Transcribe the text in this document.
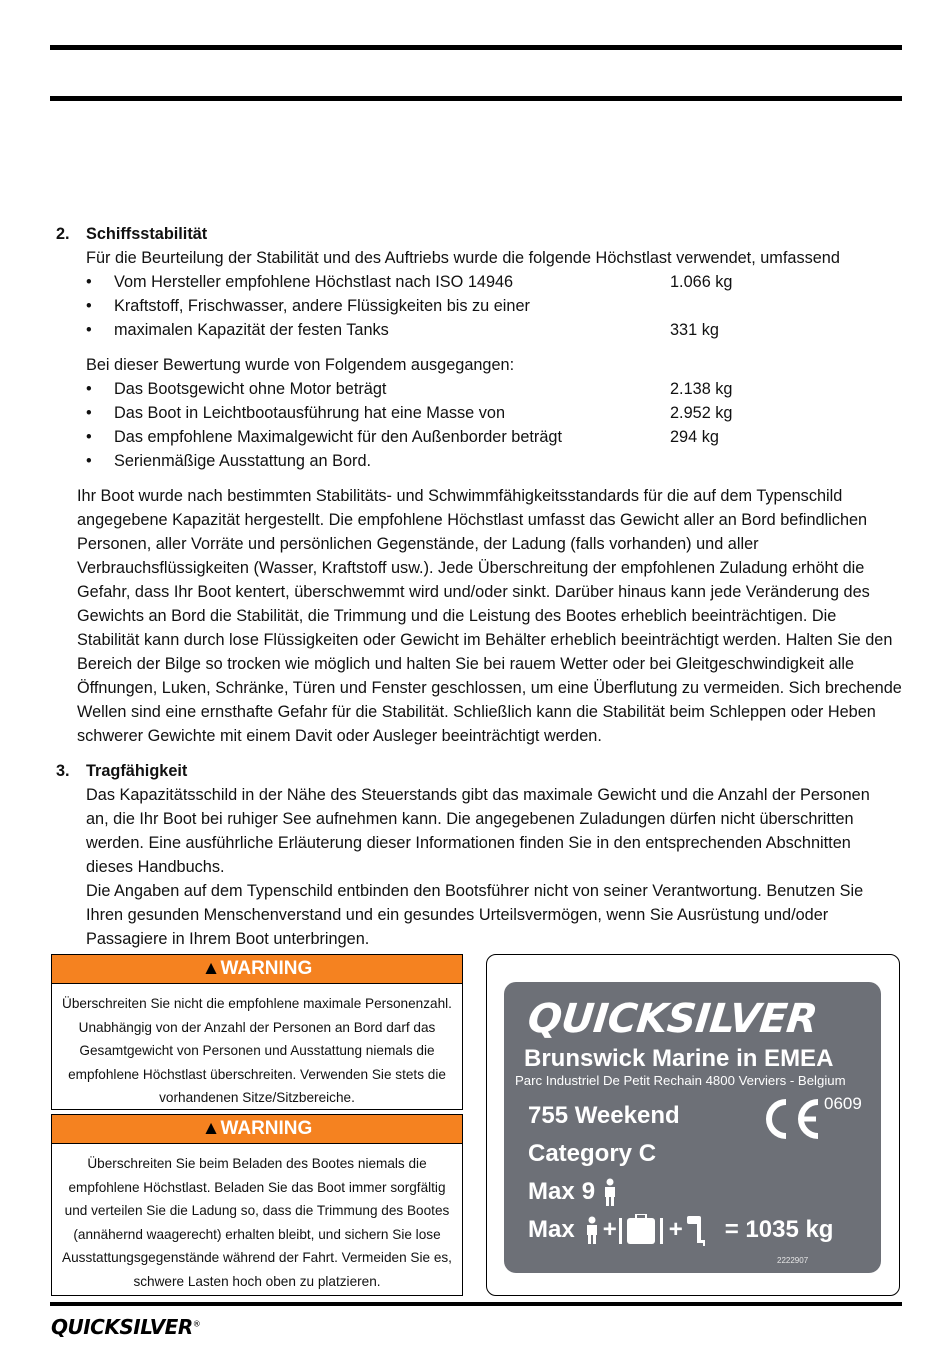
2.	Schiffsstabilität
Für die Beurteilung der Stabilität und des Auftriebs wurde die folgende Höchstlast verwendet, umfassend
• Vom Hersteller empfohlene Höchstlast nach ISO 14946	1.066 kg
• Kraftstoff, Frischwasser, andere Flüssigkeiten bis zu einer
• maximalen Kapazität der festen Tanks	331 kg
Bei dieser Bewertung wurde von Folgendem ausgegangen:
• Das Bootsgewicht ohne Motor beträgt	2.138 kg
• Das Boot in Leichtbootausführung hat eine Masse von	2.952 kg
• Das empfohlene Maximalgewicht für den Außenborder beträgt	294 kg
• Serienmäßige Ausstattung an Bord.
Ihr Boot wurde nach bestimmten Stabilitäts- und Schwimmfähigkeitsstandards für die auf dem Typenschild angegebene Kapazität hergestellt. Die empfohlene Höchstlast umfasst das Gewicht aller an Bord befindlichen Personen, aller Vorräte und persönlichen Gegenstände, der Ladung (falls vorhanden) und aller Verbrauchsflüssigkeiten (Wasser, Kraftstoff usw.). Jede Überschreitung der empfohlenen Zuladung erhöht die Gefahr, dass Ihr Boot kentert, überschwemmt wird und/oder sinkt. Darüber hinaus kann jede Veränderung des Gewichts an Bord die Stabilität, die Trimmung und die Leistung des Bootes erheblich beeinträchtigen. Die Stabilität kann durch lose Flüssigkeiten oder Gewicht im Behälter erheblich beeinträchtigt werden. Halten Sie den Bereich der Bilge so trocken wie möglich und halten Sie bei rauem Wetter oder bei Gleitgeschwindigkeit alle Öffnungen, Luken, Schränke, Türen und Fenster geschlossen, um eine Überflutung zu vermeiden. Sich brechende Wellen sind eine ernsthafte Gefahr für die Stabilität. Schließlich kann die Stabilität beim Schleppen oder Heben schwerer Gewichte mit einem Davit oder Ausleger beeinträchtigt werden.
3.	Tragfähigkeit
Das Kapazitätsschild in der Nähe des Steuerstands gibt das maximale Gewicht und die Anzahl der Personen an, die Ihr Boot bei ruhiger See aufnehmen kann. Die angegebenen Zuladungen dürfen nicht überschritten werden. Eine ausführliche Erläuterung dieser Informationen finden Sie in den entsprechenden Abschnitten dieses Handbuchs.
Die Angaben auf dem Typenschild entbinden den Bootsführer nicht von seiner Verantwortung. Benutzen Sie Ihren gesunden Menschenverstand und ein gesundes Urteilsvermögen, wenn Sie Ausrüstung und/oder Passagiere in Ihrem Boot unterbringen.
▲WARNING
Überschreiten Sie nicht die empfohlene maximale Personenzahl. Unabhängig von der Anzahl der Personen an Bord darf das Gesamtgewicht von Personen und Ausstattung niemals die empfohlene Höchstlast überschreiten. Verwenden Sie stets die vorhandenen Sitze/Sitzbereiche.
▲WARNING
Überschreiten Sie beim Beladen des Bootes niemals die empfohlene Höchstlast. Beladen Sie das Boot immer sorgfältig und verteilen Sie die Ladung so, dass die Trimmung des Bootes (annähernd waagerecht) erhalten bleibt, und sichern Sie lose Ausstattungsgegenstände während der Fahrt. Vermeiden Sie es, schwere Lasten hoch oben zu platzieren.
QUICKSILVER
Brunswick Marine in EMEA
Parc Industriel De Petit Rechain 4800 Verviers - Belgium
755 Weekend
Category C
0609
Max 9
Max + + = 1035 kg
2222907
QUICKSILVER®
